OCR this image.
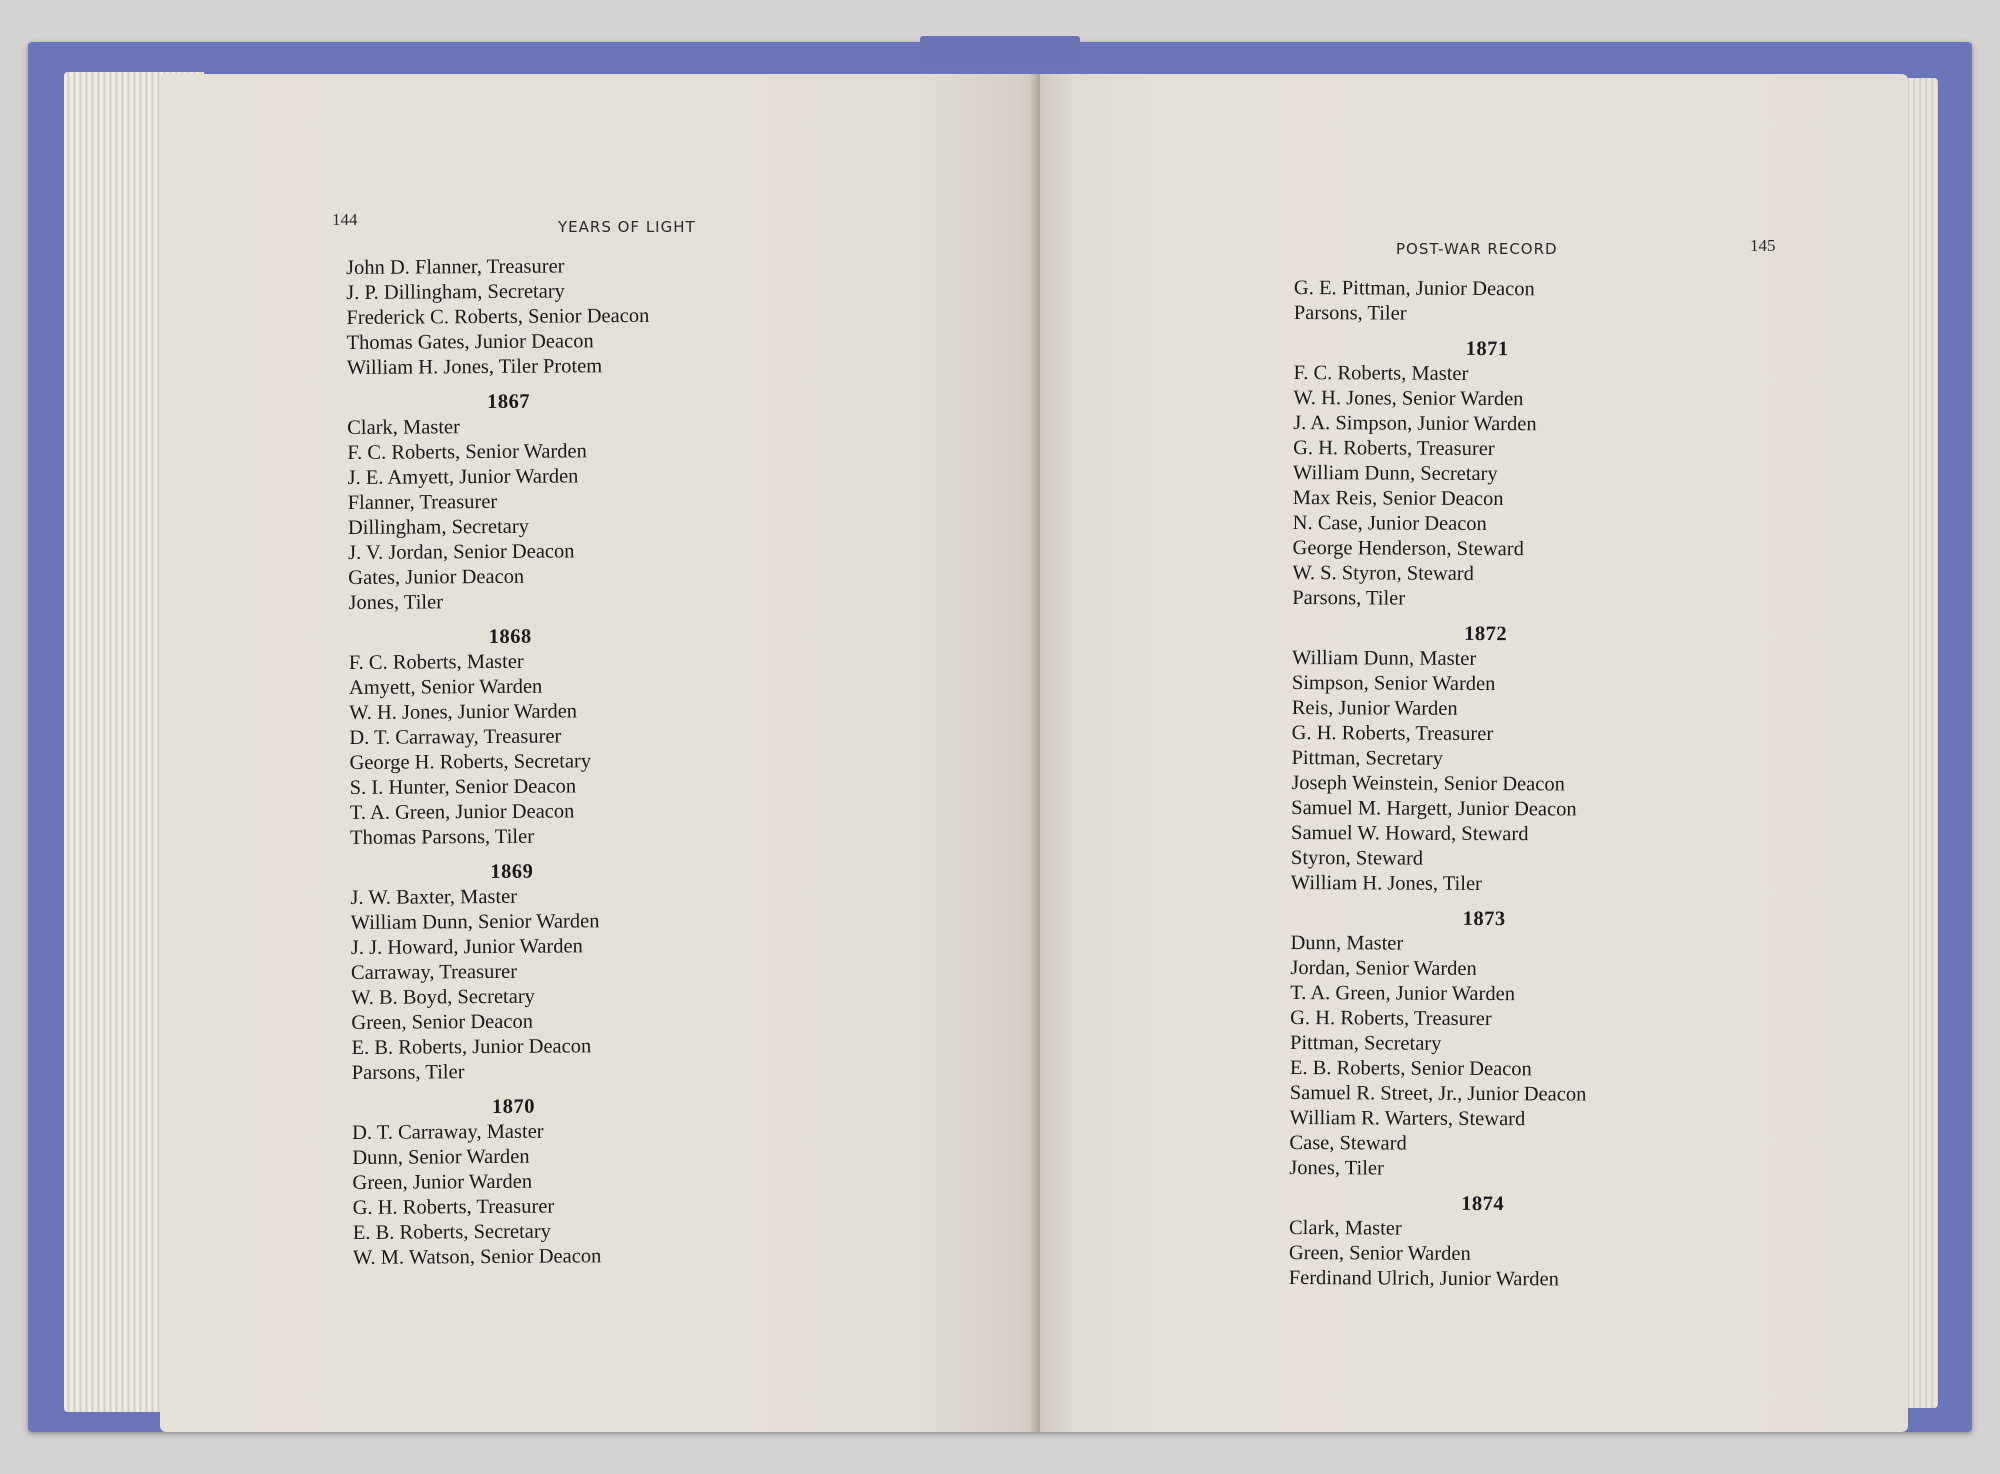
144	YEARS OF LIGHT
John D. Flanner, Treasurer
J. P. Dillingham, Secretary
Frederick C. Roberts, Senior Deacon
Thomas Gates, Junior Deacon
William H. Jones, Tiler Protem
1867
Clark, Master
F. C. Roberts, Senior Warden
J. E. Amyett, Junior Warden
Flanner, Treasurer
Dillingham, Secretary
J. V. Jordan, Senior Deacon
Gates, Junior Deacon
Jones, Tiler
1868
F. C. Roberts, Master
Amyett, Senior Warden
W. H. Jones, Junior Warden
D. T. Carraway, Treasurer
George H. Roberts, Secretary
S. I. Hunter, Senior Deacon
T. A. Green, Junior Deacon
Thomas Parsons, Tiler
1869
J. W. Baxter, Master
William Dunn, Senior Warden
J. J. Howard, Junior Warden
Carraway, Treasurer
W. B. Boyd, Secretary
Green, Senior Deacon
E. B. Roberts, Junior Deacon
Parsons, Tiler
1870
D. T. Carraway, Master
Dunn, Senior Warden
Green, Junior Warden
G. H. Roberts, Treasurer
E. B. Roberts, Secretary
W. M. Watson, Senior Deacon
POST-WAR RECORD	145
G. E. Pittman, Junior Deacon
Parsons, Tiler
1871
F. C. Roberts, Master
W. H. Jones, Senior Warden
J. A. Simpson, Junior Warden
G. H. Roberts, Treasurer
William Dunn, Secretary
Max Reis, Senior Deacon
N. Case, Junior Deacon
George Henderson, Steward
W. S. Styron, Steward
Parsons, Tiler
1872
William Dunn, Master
Simpson, Senior Warden
Reis, Junior Warden
G. H. Roberts, Treasurer
Pittman, Secretary
Joseph Weinstein, Senior Deacon
Samuel M. Hargett, Junior Deacon
Samuel W. Howard, Steward
Styron, Steward
William H. Jones, Tiler
1873
Dunn, Master
Jordan, Senior Warden
T. A. Green, Junior Warden
G. H. Roberts, Treasurer
Pittman, Secretary
E. B. Roberts, Senior Deacon
Samuel R. Street, Jr., Junior Deacon
William R. Warters, Steward
Case, Steward
Jones, Tiler
1874
Clark, Master
Green, Senior Warden
Ferdinand Ulrich, Junior Warden
